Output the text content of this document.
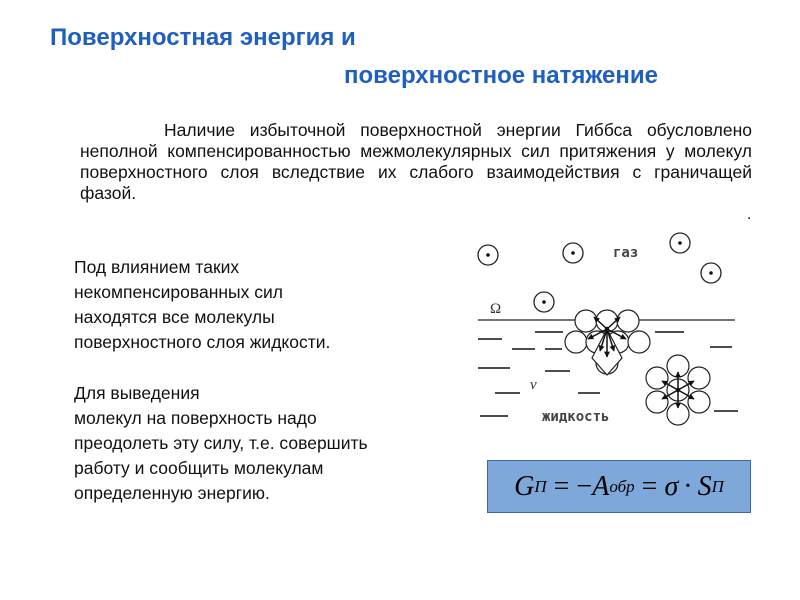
Поверхностная энергия и
поверхностное натяжение
Наличие избыточной поверхностной энергии Гиббса обусловлено неполной компенсированностью межмолекулярных сил притяжения у молекул поверхностного слоя вследствие их слабого взаимодействия с граничащей фазой.
.
Под влиянием таких
некомпенсированных сил
находятся все молекулы
поверхностного слоя жидкости.
Для выведения
молекул на поверхность надо
преодолеть эту силу, т.е. совершить
работу и сообщить молекулам
определенную энергию.
газ
Ω
v
жидкость
G П = − A обр = σ · S П
